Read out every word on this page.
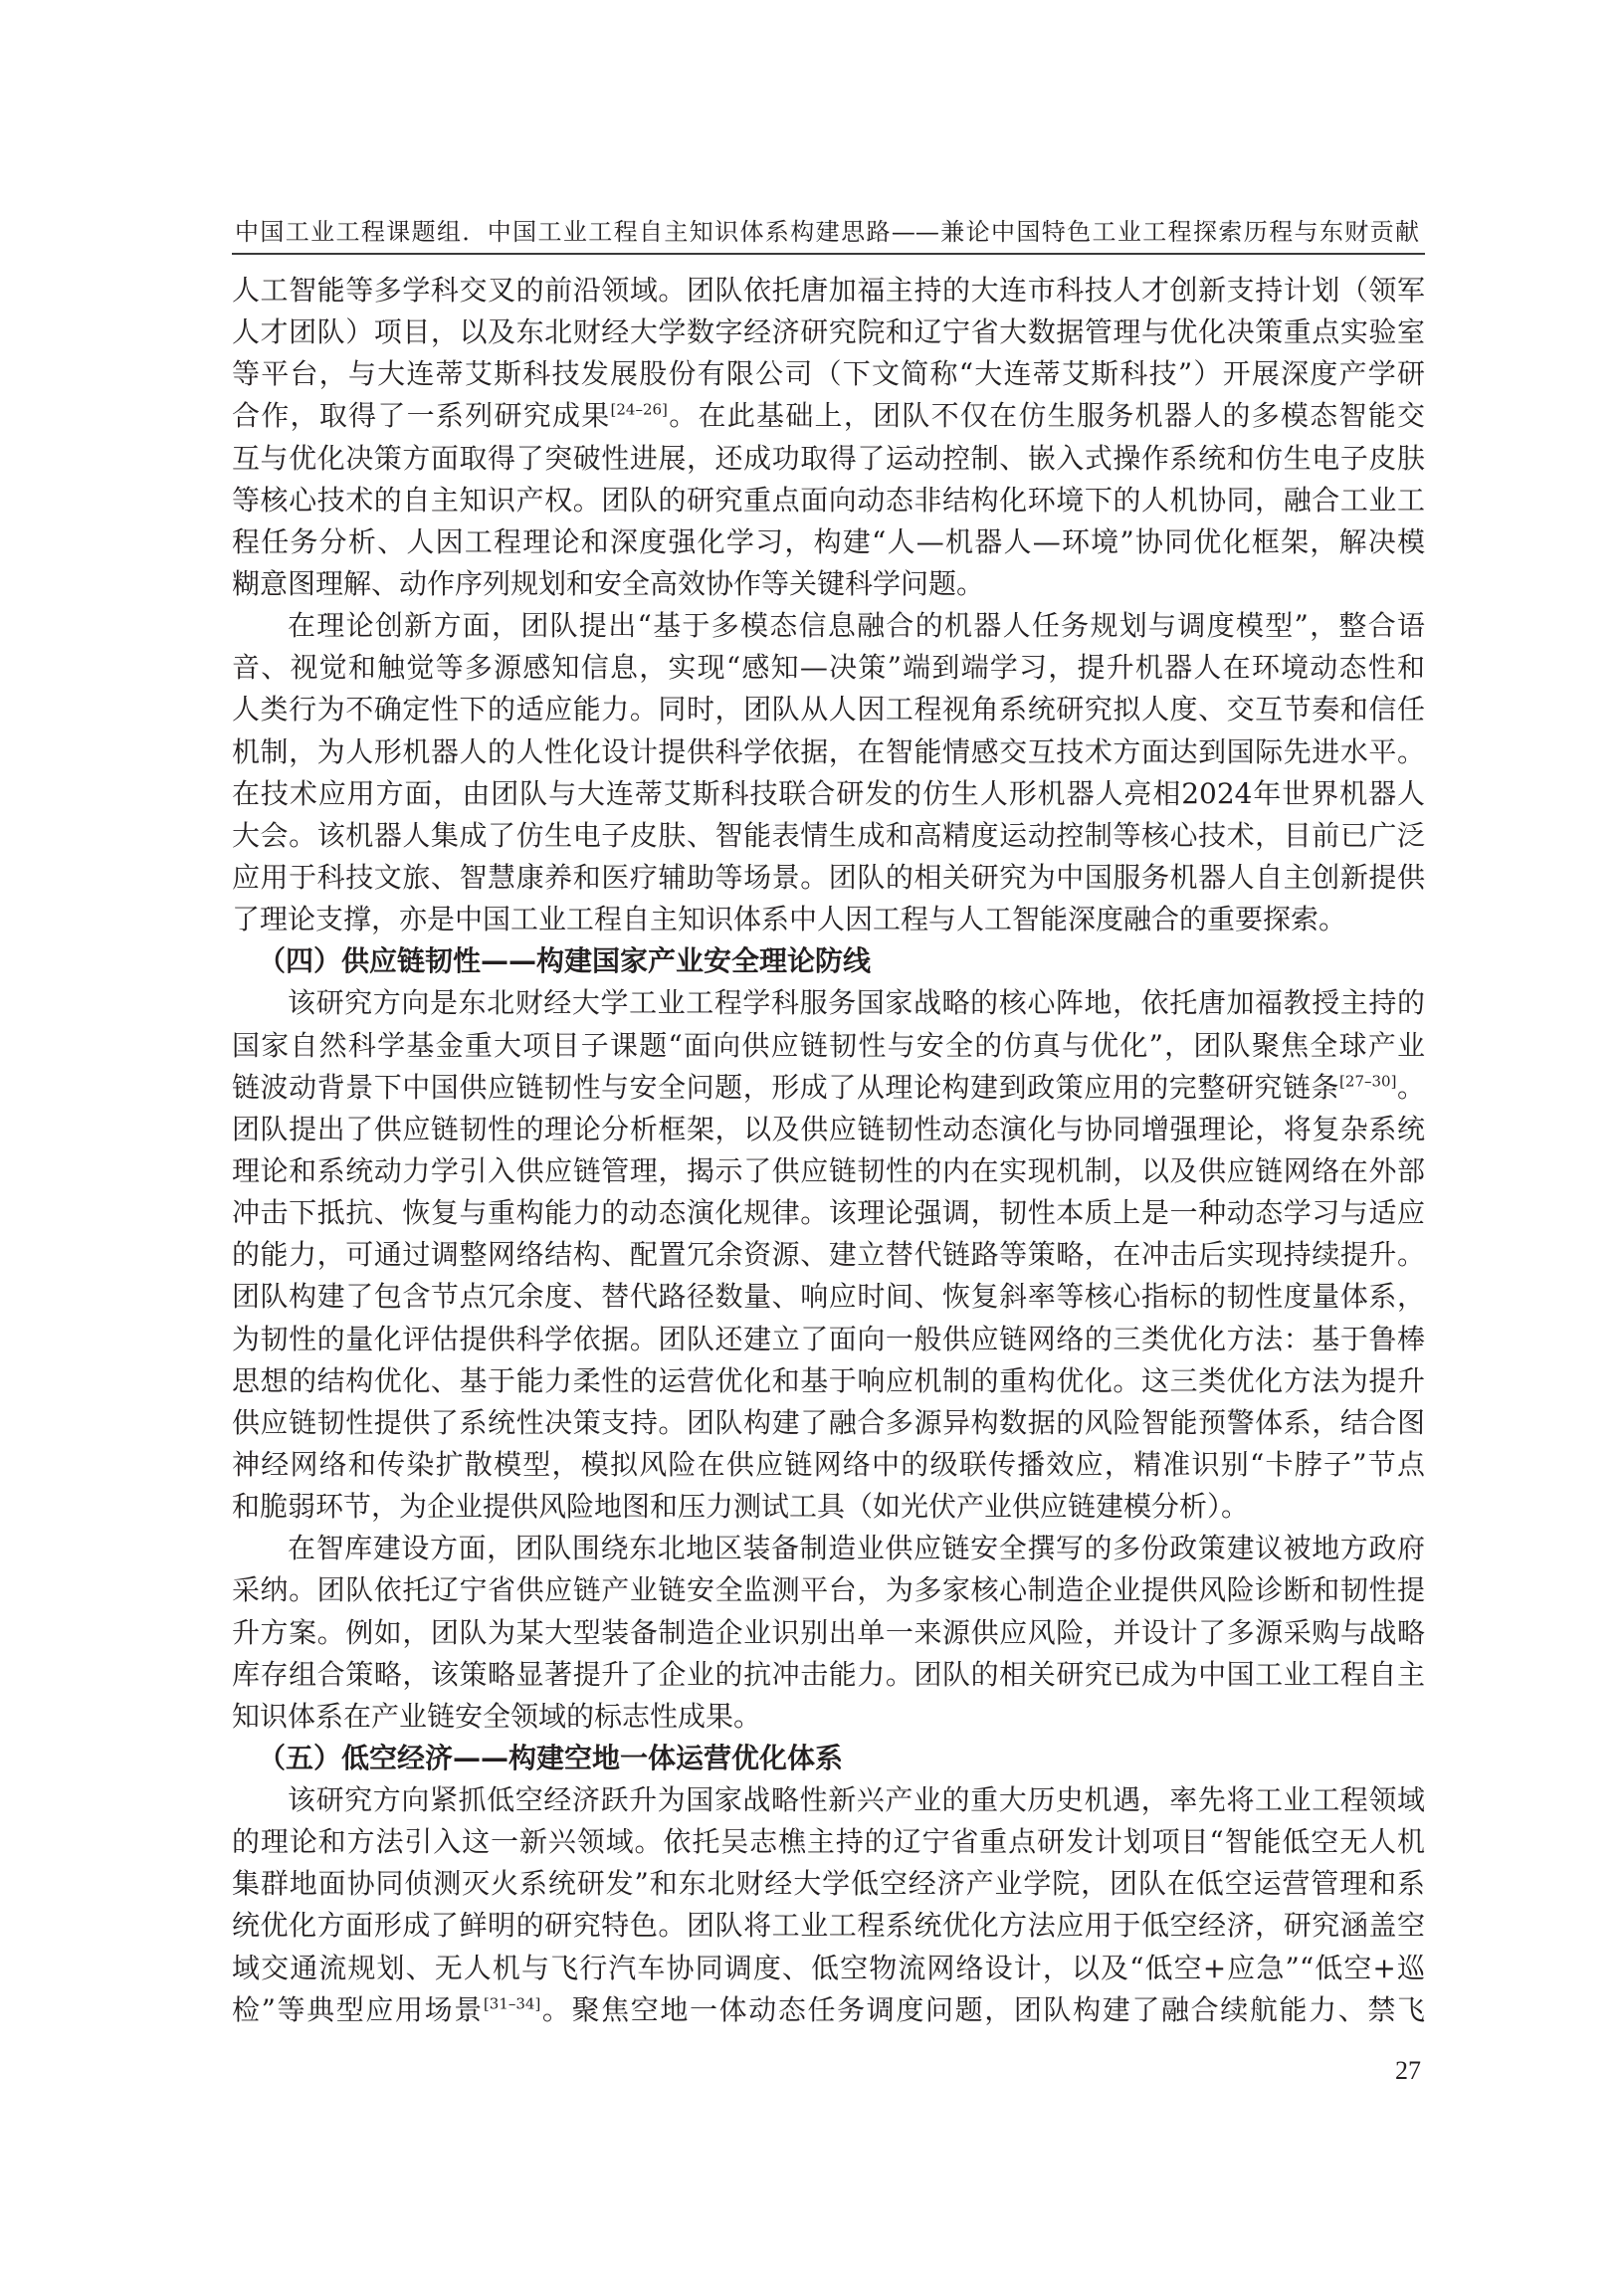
中国工业工程课题组．中国工业工程自主知识体系构建思路——兼论中国特色工业工程探索历程与东财贡献
人工智能等多学科交叉的前沿领域。团队依托唐加福主持的大连市科技人才创新支持计划（领军
人才团队）项目，以及东北财经大学数字经济研究院和辽宁省大数据管理与优化决策重点实验室
等平台，与大连蒂艾斯科技发展股份有限公司（下文简称“大连蒂艾斯科技”）开展深度产学研
合作，取得了一系列研究成果[24–26]。在此基础上，团队不仅在仿生服务机器人的多模态智能交
互与优化决策方面取得了突破性进展，还成功取得了运动控制、嵌入式操作系统和仿生电子皮肤
等核心技术的自主知识产权。团队的研究重点面向动态非结构化环境下的人机协同，融合工业工
程任务分析、人因工程理论和深度强化学习，构建“人—机器人—环境”协同优化框架，解决模
糊意图理解、动作序列规划和安全高效协作等关键科学问题。
在理论创新方面，团队提出“基于多模态信息融合的机器人任务规划与调度模型”，整合语
音、视觉和触觉等多源感知信息，实现“感知—决策”端到端学习，提升机器人在环境动态性和
人类行为不确定性下的适应能力。同时，团队从人因工程视角系统研究拟人度、交互节奏和信任
机制，为人形机器人的人性化设计提供科学依据，在智能情感交互技术方面达到国际先进水平。
在技术应用方面，由团队与大连蒂艾斯科技联合研发的仿生人形机器人亮相2024年世界机器人
大会。该机器人集成了仿生电子皮肤、智能表情生成和高精度运动控制等核心技术，目前已广泛
应用于科技文旅、智慧康养和医疗辅助等场景。团队的相关研究为中国服务机器人自主创新提供
了理论支撑，亦是中国工业工程自主知识体系中人因工程与人工智能深度融合的重要探索。
（四）供应链韧性——构建国家产业安全理论防线
该研究方向是东北财经大学工业工程学科服务国家战略的核心阵地，依托唐加福教授主持的
国家自然科学基金重大项目子课题“面向供应链韧性与安全的仿真与优化”，团队聚焦全球产业
链波动背景下中国供应链韧性与安全问题，形成了从理论构建到政策应用的完整研究链条[27–30]。
团队提出了供应链韧性的理论分析框架，以及供应链韧性动态演化与协同增强理论，将复杂系统
理论和系统动力学引入供应链管理，揭示了供应链韧性的内在实现机制，以及供应链网络在外部
冲击下抵抗、恢复与重构能力的动态演化规律。该理论强调，韧性本质上是一种动态学习与适应
的能力，可通过调整网络结构、配置冗余资源、建立替代链路等策略，在冲击后实现持续提升。
团队构建了包含节点冗余度、替代路径数量、响应时间、恢复斜率等核心指标的韧性度量体系，
为韧性的量化评估提供科学依据。团队还建立了面向一般供应链网络的三类优化方法：基于鲁棒
思想的结构优化、基于能力柔性的运营优化和基于响应机制的重构优化。这三类优化方法为提升
供应链韧性提供了系统性决策支持。团队构建了融合多源异构数据的风险智能预警体系，结合图
神经网络和传染扩散模型，模拟风险在供应链网络中的级联传播效应，精准识别“卡脖子”节点
和脆弱环节，为企业提供风险地图和压力测试工具（如光伏产业供应链建模分析）。
在智库建设方面，团队围绕东北地区装备制造业供应链安全撰写的多份政策建议被地方政府
采纳。团队依托辽宁省供应链产业链安全监测平台，为多家核心制造企业提供风险诊断和韧性提
升方案。例如，团队为某大型装备制造企业识别出单一来源供应风险，并设计了多源采购与战略
库存组合策略，该策略显著提升了企业的抗冲击能力。团队的相关研究已成为中国工业工程自主
知识体系在产业链安全领域的标志性成果。
（五）低空经济——构建空地一体运营优化体系
该研究方向紧抓低空经济跃升为国家战略性新兴产业的重大历史机遇，率先将工业工程领域
的理论和方法引入这一新兴领域。依托吴志樵主持的辽宁省重点研发计划项目“智能低空无人机
集群地面协同侦测灭火系统研发”和东北财经大学低空经济产业学院，团队在低空运营管理和系
统优化方面形成了鲜明的研究特色。团队将工业工程系统优化方法应用于低空经济，研究涵盖空
域交通流规划、无人机与飞行汽车协同调度、低空物流网络设计，以及“低空+应急”“低空+巡
检”等典型应用场景[31–34]。聚焦空地一体动态任务调度问题，团队构建了融合续航能力、禁飞
27
